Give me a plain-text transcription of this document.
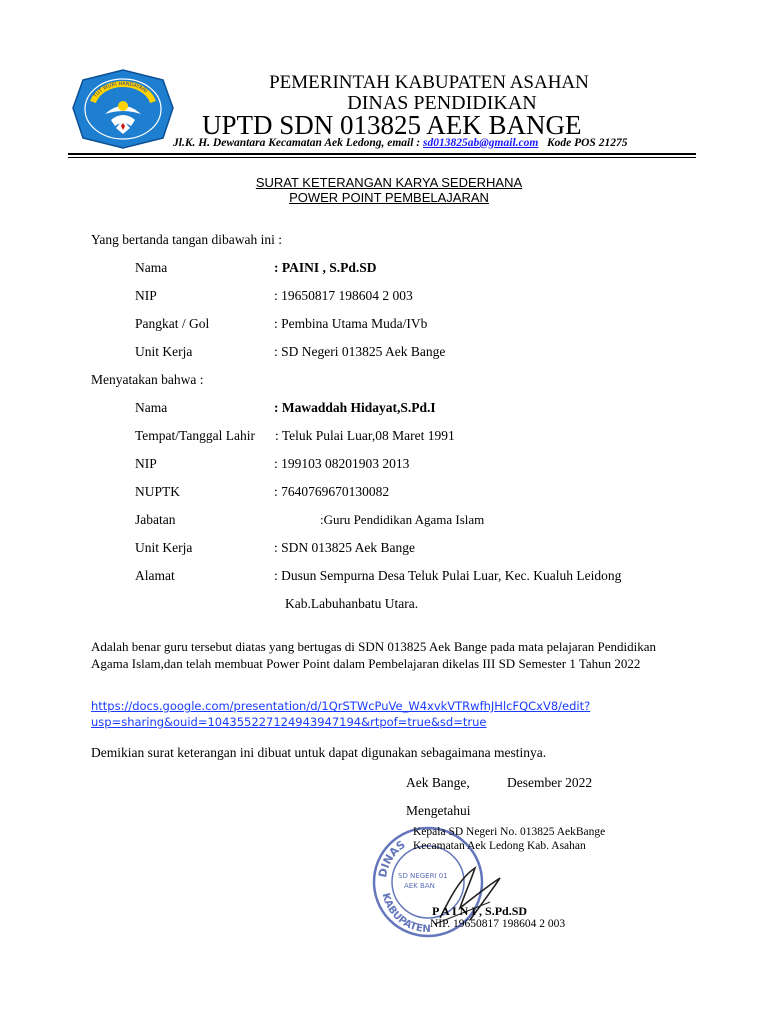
TUT WURI HANDAYANI	PEMERINTAH KABUPATEN ASAHAN
DINAS PENDIDIKAN
UPTD SDN 013825 AEK BANGE
Jl.K. H. Dewantara Kecamatan Aek Ledong, email : sd013825ab@gmail.com Kode POS 21275
SURAT KETERANGAN KARYA SEDERHANA
POWER POINT PEMBELAJARAN
Yang bertanda tangan dibawah ini :
Nama	: PAINI , S.Pd.SD
NIP	: 19650817 198604 2 003
Pangkat / Gol	: Pembina Utama Muda/IVb
Unit Kerja	: SD Negeri 013825 Aek Bange
Menyatakan bahwa :
Nama	: Mawaddah Hidayat,S.Pd.I
Tempat/Tanggal Lahir : Teluk Pulai Luar,08 Maret 1991
NIP	: 199103 08201903 2013
NUPTK	: 7640769670130082
Jabatan	:Guru Pendidikan Agama Islam
Unit Kerja	: SDN 013825 Aek Bange
Alamat	: Dusun Sempurna Desa Teluk Pulai Luar, Kec. Kualuh Leidong
Kab.Labuhanbatu Utara.
Adalah benar guru tersebut diatas yang bertugas di SDN 013825 Aek Bange pada mata pelajaran Pendidikan Agama Islam,dan telah membuat Power Point dalam Pembelajaran dikelas III SD Semester 1 Tahun 2022
https://docs.google.com/presentation/d/1QrSTWcPuVe_W4xvkVTRwfhJHlcFQCxV8/edit?
usp=sharing&ouid=104355227124943947194&rtpof=true&sd=true
Demikian surat keterangan ini dibuat untuk dapat digunakan sebagaimana mestinya.
Aek Bange,	Desember 2022
Mengetahui
DINAS
KABUPATEN
SD NEGERI 01
AEK BAN
Kepala SD Negeri No. 013825 AekBange
Kecamatan Aek Ledong Kab. Asahan
P A I N I , S.Pd.SD
NIP. 19650817 198604 2 003
